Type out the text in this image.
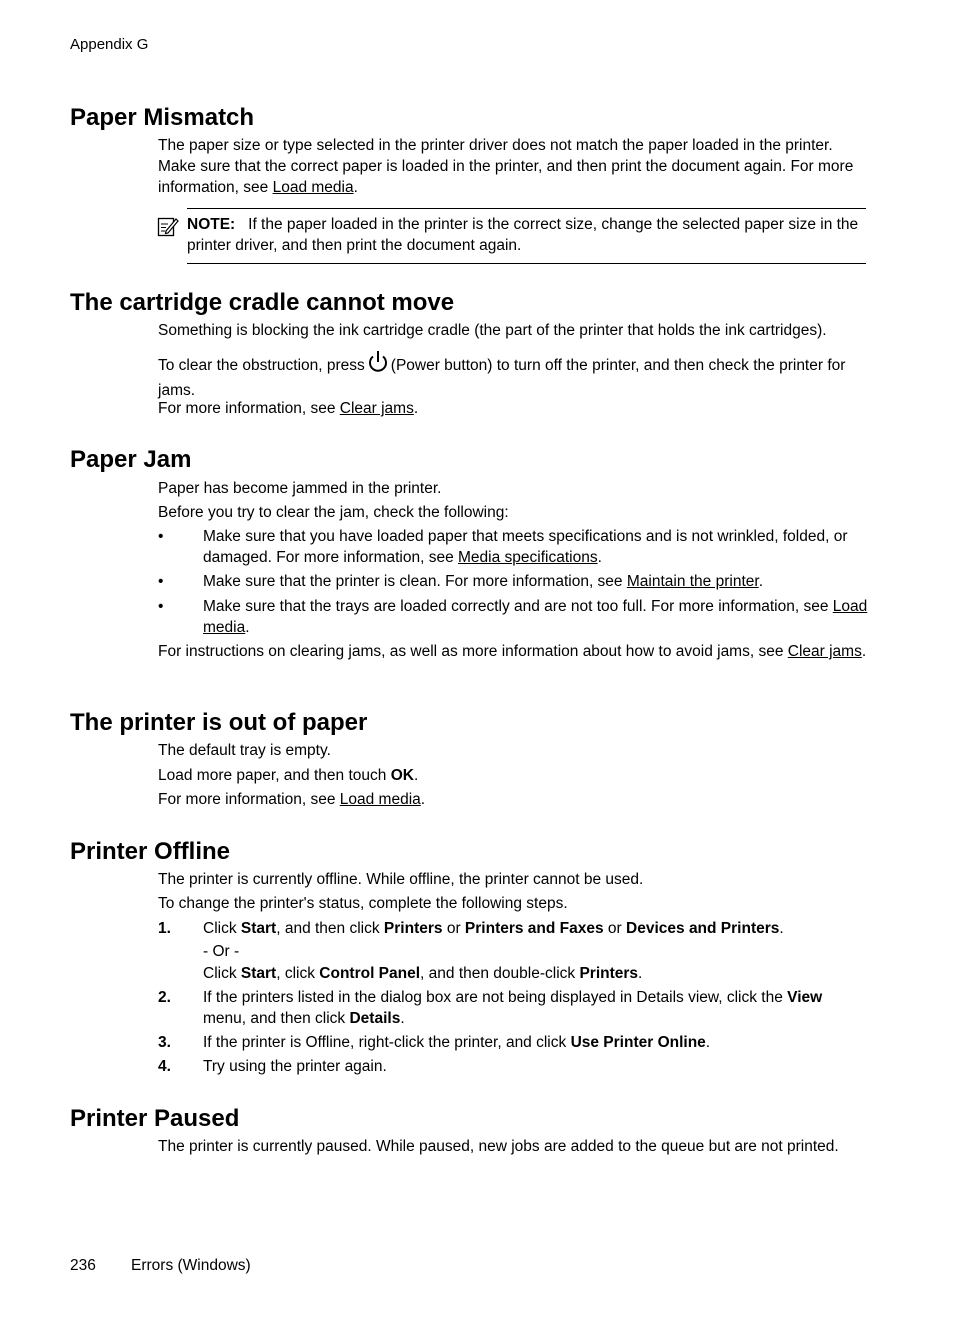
Appendix G
Paper Mismatch

The paper size or type selected in the printer driver does not match the paper loaded in the printer. Make sure that the correct paper is loaded in the printer, and then print the document again. For more information, see Load media.

NOTE: If the paper loaded in the printer is the correct size, change the selected paper size in the printer driver, and then print the document again.
The cartridge cradle cannot move

Something is blocking the ink cartridge cradle (the part of the printer that holds the ink cartridges).

To clear the obstruction, press (Power button) to turn off the printer, and then check the printer for jams.

For more information, see Clear jams.

Paper Jam

Paper has become jammed in the printer.

Before you try to clear the jam, check the following:

•	Make sure that you have loaded paper that meets specifications and is not wrinkled, folded, or damaged. For more information, see Media specifications.
•	Make sure that the printer is clean. For more information, see Maintain the printer.
•	Make sure that the trays are loaded correctly and are not too full. For more information, see Load media.

For instructions on clearing jams, as well as more information about how to avoid jams, see Clear jams.

The printer is out of paper

The default tray is empty.

Load more paper, and then touch OK.

For more information, see Load media.

Printer Offline

The printer is currently offline. While offline, the printer cannot be used.

To change the printer's status, complete the following steps.

1. Click Start, and then click Printers or Printers and Faxes or Devices and Printers.
- Or -
Click Start, click Control Panel, and then double-click Printers.
2. If the printers listed in the dialog box are not being displayed in Details view, click the View menu, and then click Details.
3. If the printer is Offline, right-click the printer, and click Use Printer Online.
4. Try using the printer again.
Printer Paused

The printer is currently paused. While paused, new jobs are added to the queue but are not printed.

236 Errors (Windows)
